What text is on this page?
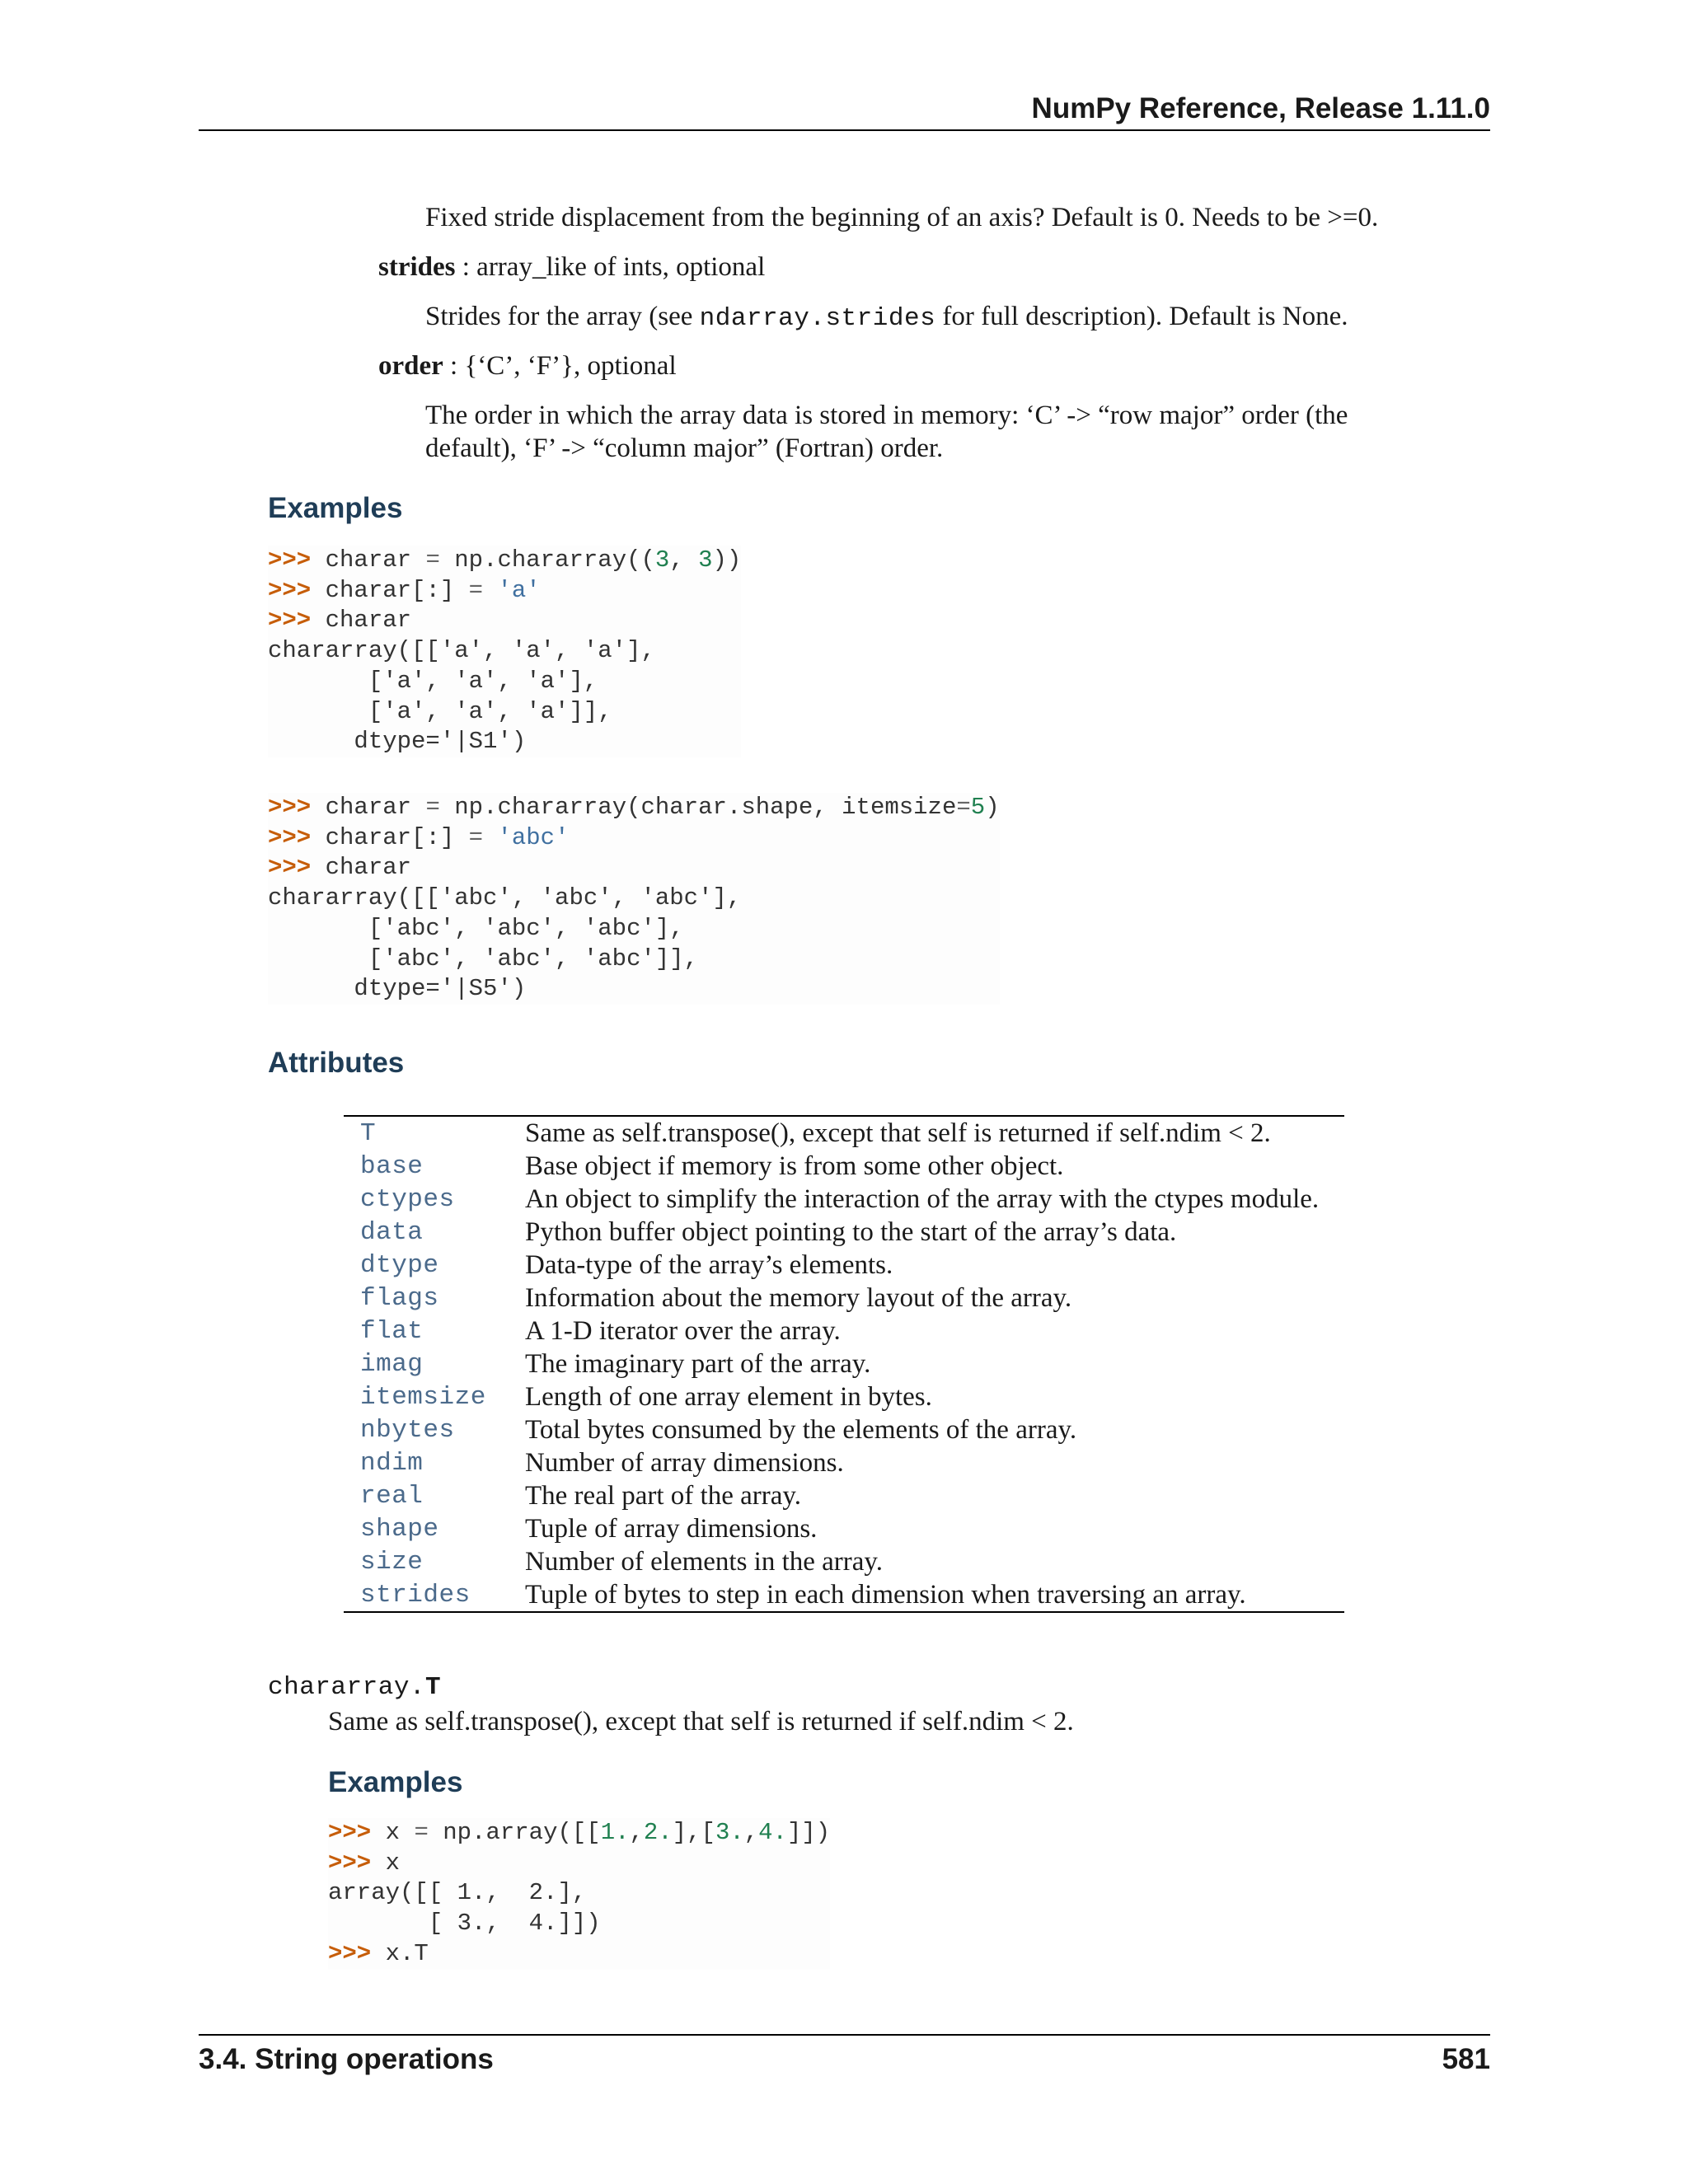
NumPy Reference, Release 1.11.0
Fixed stride displacement from the beginning of an axis? Default is 0. Needs to be >=0.
strides : array_like of ints, optional
Strides for the array (see ndarray.strides for full description). Default is None.
order : {‘C’, ‘F’}, optional
The order in which the array data is stored in memory: ‘C’ -> “row major” order (the
default), ‘F’ -> “column major” (Fortran) order.
Examples
>>> charar = np.chararray((3, 3))
>>> charar[:] = 'a'
>>> charar
chararray([['a', 'a', 'a'],
['a', 'a', 'a'],
['a', 'a', 'a']],
dtype='|S1')
>>> charar = np.chararray(charar.shape, itemsize=5)
>>> charar[:] = 'abc'
>>> charar
chararray([['abc', 'abc', 'abc'],
['abc', 'abc', 'abc'],
['abc', 'abc', 'abc']],
dtype='|S5')
Attributes
T	Same as self.transpose(), except that self is returned if self.ndim < 2.
base	Base object if memory is from some other object.
ctypes	An object to simplify the interaction of the array with the ctypes module.
data	Python buffer object pointing to the start of the array’s data.
dtype	Data-type of the array’s elements.
flags	Information about the memory layout of the array.
flat	A 1-D iterator over the array.
imag	The imaginary part of the array.
itemsize	Length of one array element in bytes.
nbytes	Total bytes consumed by the elements of the array.
ndim	Number of array dimensions.
real	The real part of the array.
shape	Tuple of array dimensions.
size	Number of elements in the array.
strides	Tuple of bytes to step in each dimension when traversing an array.
chararray.T
Same as self.transpose(), except that self is returned if self.ndim < 2.
Examples
>>> x = np.array([[1.,2.],[3.,4.]])
>>> x
array([[ 1.,  2.],
[ 3.,  4.]])
>>> x.T
3.4. String operations	581
